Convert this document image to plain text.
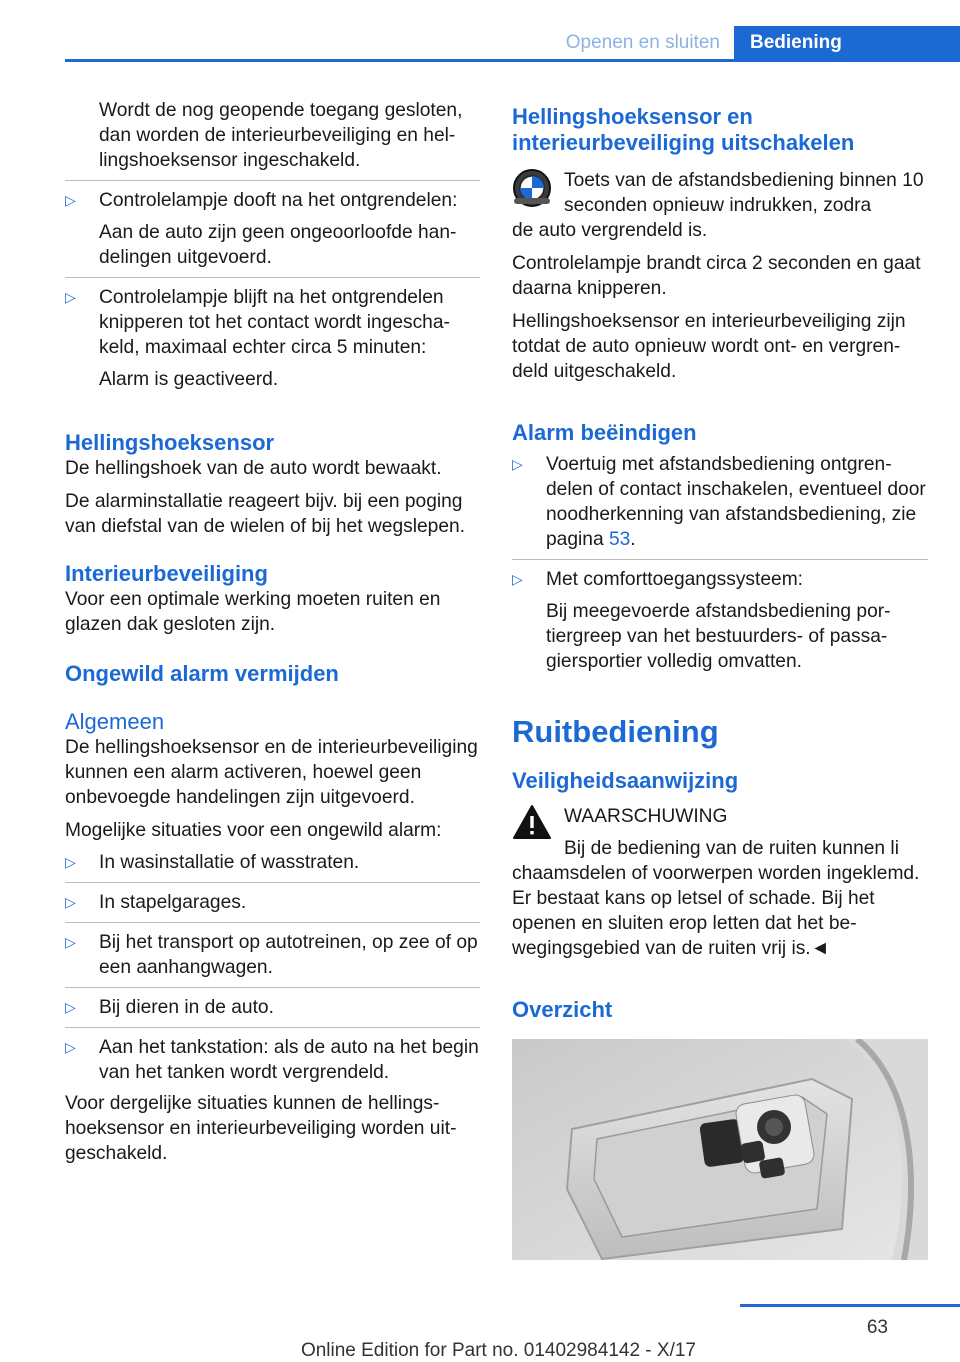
Openen en sluiten	Bediening

Wordt de nog geopende toegang gesloten, dan worden de interieurbeveiliging en hellingshoeksensor ingeschakeld.

▷ Controlelampje dooft na het ontgrendelen:

Aan de auto zijn geen ongeoorloofde handelingen uitgevoerd.

▷ Controlelampje blijft na het ontgrendelen knipperen tot het contact wordt ingeschakeld, maximaal echter circa 5 minuten:

Alarm is geactiveerd.

Hellingshoeksensor

De hellingshoek van de auto wordt bewaakt.

De alarminstallatie reageert bijv. bij een poging van diefstal van de wielen of bij het wegslepen.

Interieurbeveiliging

Voor een optimale werking moeten ruiten en glazen dak gesloten zijn.

Ongewild alarm vermijden
Algemeen

De hellingshoeksensor en de interieurbeveiliging kunnen een alarm activeren, hoewel geen onbevoegde handelingen zijn uitgevoerd.

Mogelijke situaties voor een ongewild alarm:

▷ In wasinstallatie of wasstraten.

▷ In stapelgarages.

▷ Bij het transport op autotreinen, op zee of op een aanhangwagen.

▷ Bij dieren in de auto.

▷ Aan het tankstation: als de auto na het begin van het tanken wordt vergrendeld.

Voor dergelijke situaties kunnen de hellingshoeksensor en interieurbeveiliging worden uitgeschakeld.

Hellingshoeksensor en interieurbeveiliging uitschakelen

Toets van de afstandsbediening binnen 10 seconden opnieuw indrukken, zodra

de auto vergrendeld is.

Controlelampje brandt circa 2 seconden en gaat daarna knipperen.

Hellingshoeksensor en interieurbeveiliging zijn totdat de auto opnieuw wordt ont- en vergrendeld uitgeschakeld.

Alarm beëindigen
▷ Voertuig met afstandsbediening ontgrendelen of contact inschakelen, eventueel door noodherkenning van afstandsbediening, zie pagina 53.

▷ Met comforttoegangssysteem:

Bij meegevoerde afstandsbediening portiergreep van het bestuurders- of passagiersportier volledig omvatten.

Ruitbediening
Veiligheidsaanwijzing

WAARSCHUWING

Bij de bediening van de ruiten kunnen li

chaamsdelen of voorwerpen worden ingeklemd. Er bestaat kans op letsel of schade. Bij het openen en sluiten erop letten dat het bewegingsgebied van de ruiten vrij is.◄

Overzicht
63
Online Edition for Part no. 01402984142 - X/17
